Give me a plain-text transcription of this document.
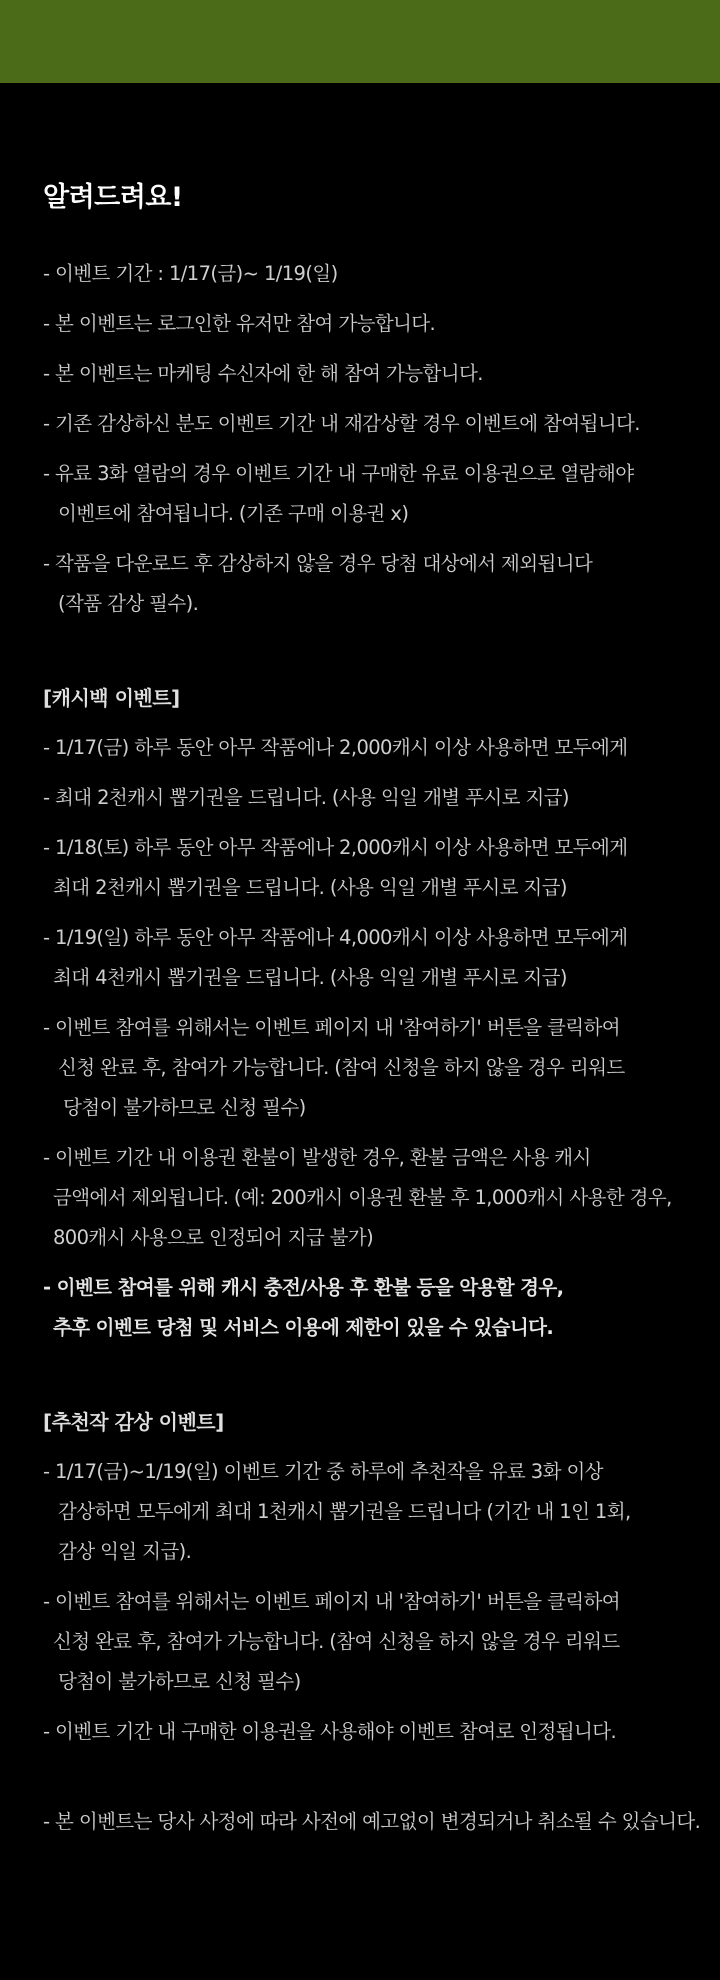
알려드려요!
- 이벤트 기간 : 1/17(금)~ 1/19(일)
- 본 이벤트는 로그인한 유저만 참여 가능합니다.
- 본 이벤트는 마케팅 수신자에 한 해 참여 가능합니다.
- 기존 감상하신 분도 이벤트 기간 내 재감상할 경우 이벤트에 참여됩니다.
- 유료 3화 열람의 경우 이벤트 기간 내 구매한 유료 이용권으로 열람해야
이벤트에 참여됩니다. (기존 구매 이용권 x)
- 작품을 다운로드 후 감상하지 않을 경우 당첨 대상에서 제외됩니다
(작품 감상 필수).
[캐시백 이벤트]
- 1/17(금) 하루 동안 아무 작품에나 2,000캐시 이상 사용하면 모두에게
- 최대 2천캐시 뽑기권을 드립니다. (사용 익일 개별 푸시로 지급)
- 1/18(토) 하루 동안 아무 작품에나 2,000캐시 이상 사용하면 모두에게
최대 2천캐시 뽑기권을 드립니다. (사용 익일 개별 푸시로 지급)
- 1/19(일) 하루 동안 아무 작품에나 4,000캐시 이상 사용하면 모두에게
최대 4천캐시 뽑기권을 드립니다. (사용 익일 개별 푸시로 지급)
- 이벤트 참여를 위해서는 이벤트 페이지 내 '참여하기' 버튼을 클릭하여
신청 완료 후, 참여가 가능합니다. (참여 신청을 하지 않을 경우 리워드
당첨이 불가하므로 신청 필수)
- 이벤트 기간 내 이용권 환불이 발생한 경우, 환불 금액은 사용 캐시
금액에서 제외됩니다. (예: 200캐시 이용권 환불 후 1,000캐시 사용한 경우,
800캐시 사용으로 인정되어 지급 불가)
- 이벤트 참여를 위해 캐시 충전/사용 후 환불 등을 악용할 경우,
추후 이벤트 당첨 및 서비스 이용에 제한이 있을 수 있습니다.
[추천작 감상 이벤트]
- 1/17(금)~1/19(일) 이벤트 기간 중 하루에 추천작을 유료 3화 이상
감상하면 모두에게 최대 1천캐시 뽑기권을 드립니다 (기간 내 1인 1회,
감상 익일 지급).
- 이벤트 참여를 위해서는 이벤트 페이지 내 '참여하기' 버튼을 클릭하여
신청 완료 후, 참여가 가능합니다. (참여 신청을 하지 않을 경우 리워드
당첨이 불가하므로 신청 필수)
- 이벤트 기간 내 구매한 이용권을 사용해야 이벤트 참여로 인정됩니다.
- 본 이벤트는 당사 사정에 따라 사전에 예고없이 변경되거나 취소될 수 있습니다.
